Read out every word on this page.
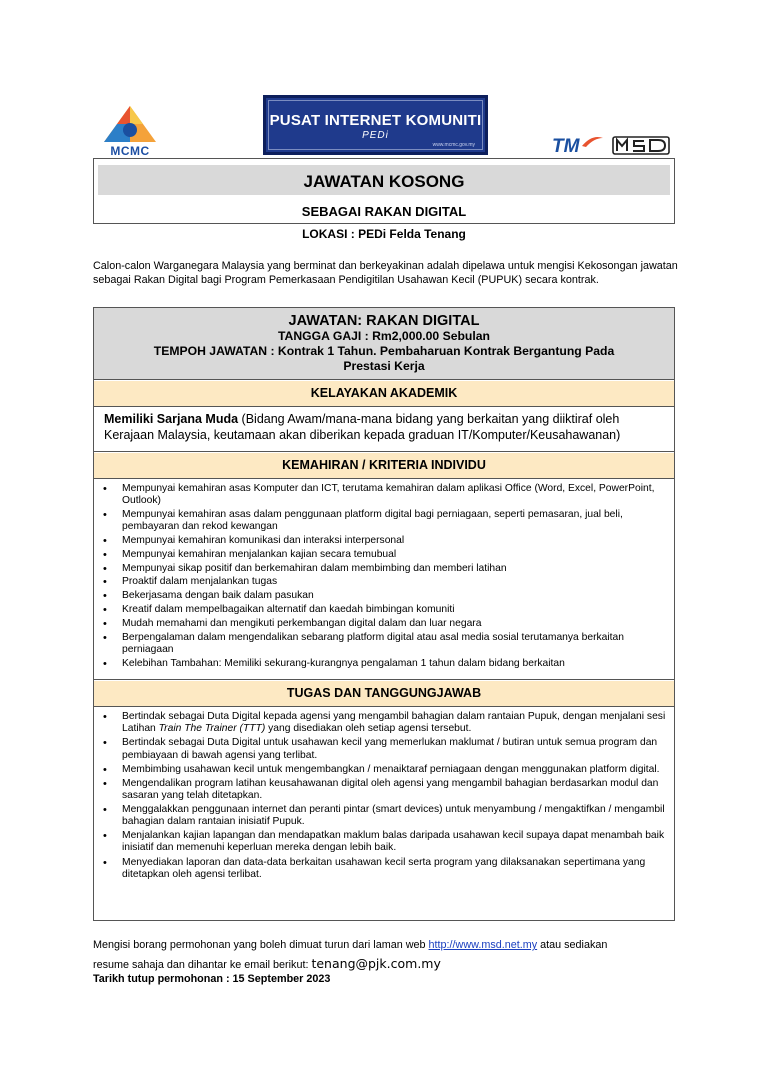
MCMC
PUSAT INTERNET KOMUNITI
PEDi
www.mcmc.gov.my	TM
JAWATAN KOSONG
SEBAGAI RAKAN DIGITAL
LOKASI : PEDi Felda Tenang
Calon-calon Warganegara Malaysia yang berminat dan berkeyakinan adalah dipelawa untuk mengisi Kekosongan jawatan sebagai Rakan Digital bagi Program Pemerkasaan Pendigitilan Usahawan Kecil (PUPUK) secara kontrak.
JAWATAN: RAKAN DIGITAL
TANGGA GAJI : Rm2,000.00 Sebulan
TEMPOH JAWATAN : Kontrak 1 Tahun. Pembaharuan Kontrak Bergantung Pada
Prestasi Kerja
KELAYAKAN AKADEMIK
Memiliki Sarjana Muda (Bidang Awam/mana-mana bidang yang berkaitan yang diiktiraf oleh Kerajaan Malaysia, keutamaan akan diberikan kepada graduan IT/Komputer/Keusahawanan)
KEMAHIRAN / KRITERIA INDIVIDU
• Mempunyai kemahiran asas Komputer dan ICT, terutama kemahiran dalam aplikasi Office (Word, Excel, PowerPoint, Outlook)
• Mempunyai kemahiran asas dalam penggunaan platform digital bagi perniagaan, seperti pemasaran, jual beli, pembayaran dan rekod kewangan
• Mempunyai kemahiran komunikasi dan interaksi interpersonal
• Mempunyai kemahiran menjalankan kajian secara temubual
• Mempunyai sikap positif dan berkemahiran dalam membimbing dan memberi latihan
• Proaktif dalam menjalankan tugas
• Bekerjasama dengan baik dalam pasukan
• Kreatif dalam mempelbagaikan alternatif dan kaedah bimbingan komuniti
• Mudah memahami dan mengikuti perkembangan digital dalam dan luar negara
• Berpengalaman dalam mengendalikan sebarang platform digital atau asal media sosial terutamanya berkaitan perniagaan
• Kelebihan Tambahan: Memiliki sekurang-kurangnya pengalaman 1 tahun dalam bidang berkaitan
TUGAS DAN TANGGUNGJAWAB
• Bertindak sebagai Duta Digital kepada agensi yang mengambil bahagian dalam rantaian Pupuk, dengan menjalani sesi Latihan Train The Trainer (TTT) yang disediakan oleh setiap agensi tersebut.
• Bertindak sebagai Duta Digital untuk usahawan kecil yang memerlukan maklumat / butiran untuk semua program dan pembiayaan di bawah agensi yang terlibat.
• Membimbing usahawan kecil untuk mengembangkan / menaiktaraf perniagaan dengan menggunakan platform digital.
• Mengendalikan program latihan keusahawanan digital oleh agensi yang mengambil bahagian berdasarkan modul dan sasaran yang telah ditetapkan.
• Menggalakkan penggunaan internet dan peranti pintar (smart devices) untuk menyambung / mengaktifkan / mengambil bahagian dalam rantaian inisiatif Pupuk.
• Menjalankan kajian lapangan dan mendapatkan maklum balas daripada usahawan kecil supaya dapat menambah baik inisiatif dan memenuhi keperluan mereka dengan lebih baik.
• Menyediakan laporan dan data-data berkaitan usahawan kecil serta program yang dilaksanakan sepertimana yang ditetapkan oleh agensi terlibat.
Mengisi borang permohonan yang boleh dimuat turun dari laman web http://www.msd.net.my atau sediakan
resume sahaja dan dihantar ke email berikut: tenang@pjk.com.my
Tarikh tutup permohonan : 15 September 2023
